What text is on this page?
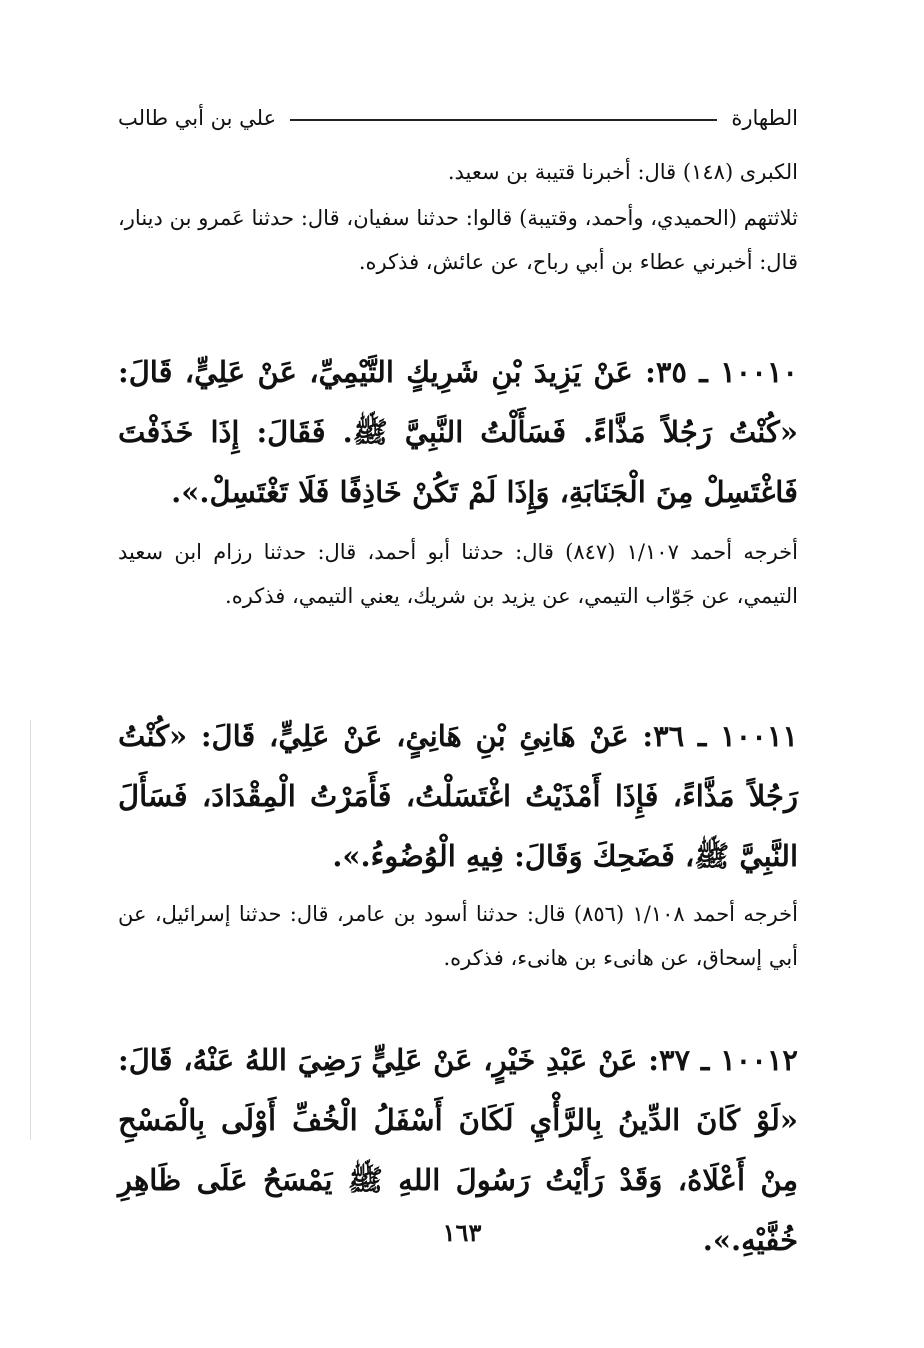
الطهارة
علي بن أبي طالب
الكبرى (١٤٨) قال: أخبرنا قتيبة بن سعيد.
ثلاثتهم (الحميدي، وأحمد، وقتيبة) قالوا: حدثنا سفيان، قال: حدثنا عَمرو بن دينار، قال: أخبرني عطاء بن أبي رباح، عن عائش، فذكره.
١٠٠١٠ ـ ٣٥: عَنْ يَزِيدَ بْنِ شَرِيكٍ التَّيْمِيِّ، عَنْ عَلِيٍّ، قَالَ: «كُنْتُ رَجُلاً مَذَّاءً. فَسَأَلْتُ النَّبِيَّ ﷺ. فَقَالَ: إِذَا خَذَفْتَ فَاغْتَسِلْ مِنَ الْجَنَابَةِ، وَإِذَا لَمْ تَكُنْ خَاذِفًا فَلَا تَغْتَسِلْ.».
أخرجه أحمد ١/١٠٧ (٨٤٧) قال: حدثنا أبو أحمد، قال: حدثنا رزام ابن سعيد التيمي، عن جَوّاب التيمي، عن يزيد بن شريك، يعني التيمي، فذكره.
١٠٠١١ ـ ٣٦: عَنْ هَانِئِ بْنِ هَانِئٍ، عَنْ عَلِيٍّ، قَالَ: «كُنْتُ رَجُلاً مَذَّاءً، فَإِذَا أَمْذَيْتُ اغْتَسَلْتُ، فَأَمَرْتُ الْمِقْدَادَ، فَسَأَلَ النَّبِيَّ ﷺ، فَضَحِكَ وَقَالَ: فِيهِ الْوُضُوءُ.».
أخرجه أحمد ١/١٠٨ (٨٥٦) قال: حدثنا أسود بن عامر، قال: حدثنا إسرائيل، عن أبي إسحاق، عن هانىء بن هانىء، فذكره.
١٠٠١٢ ـ ٣٧: عَنْ عَبْدِ خَيْرٍ، عَنْ عَلِيٍّ رَضِيَ اللهُ عَنْهُ، قَالَ: «لَوْ كَانَ الدِّينُ بِالرَّأْيِ لَكَانَ أَسْفَلُ الْخُفِّ أَوْلَى بِالْمَسْحِ مِنْ أَعْلَاهُ، وَقَدْ رَأَيْتُ رَسُولَ اللهِ ﷺ يَمْسَحُ عَلَى ظَاهِرِ خُفَّيْهِ.».
١٦٣
